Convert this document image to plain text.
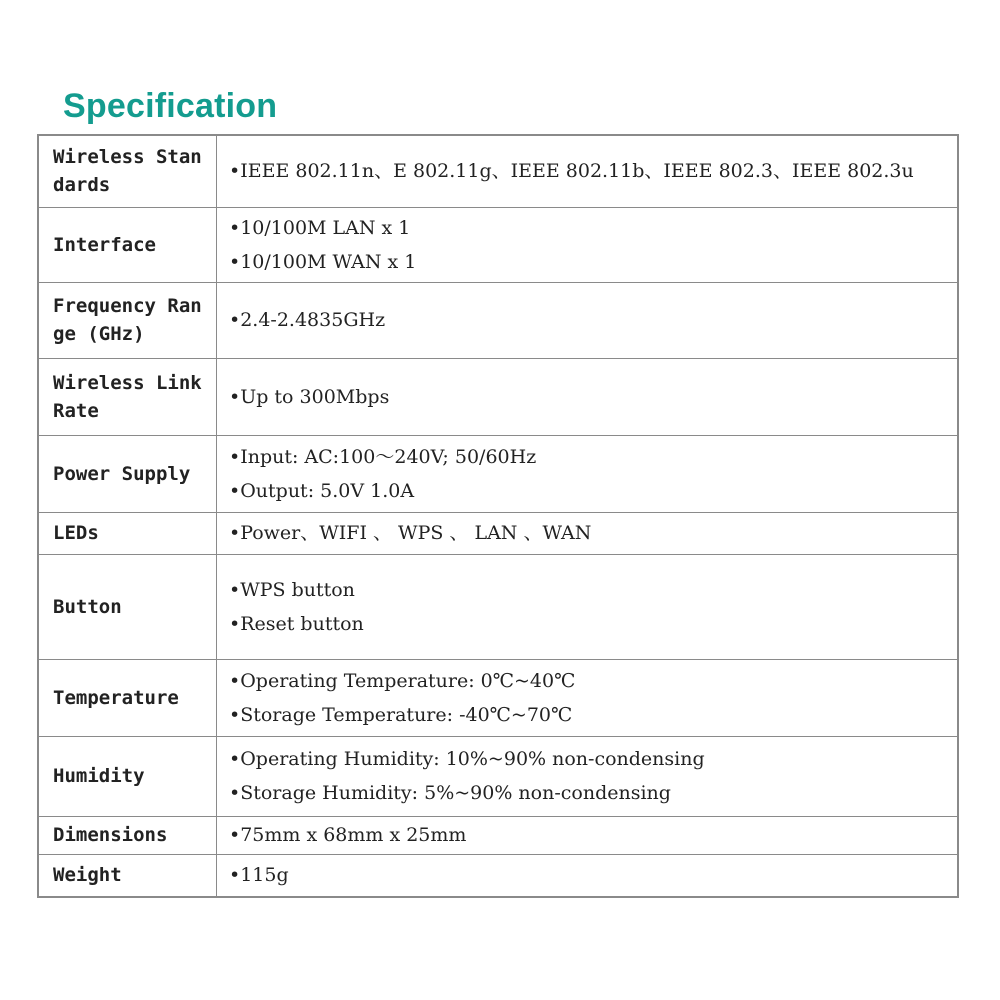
Specification
Wireless Standards	•IEEE 802.11n、E 802.11g、IEEE 802.11b、IEEE 802.3、IEEE 802.3u

Interface	•10/100M LAN x 1
•10/100M WAN x 1

Frequency Range (GHz)	•2.4-2.4835GHz

Wireless Link Rate	•Up to 300Mbps

Power Supply	•Input: AC:100～240V; 50/60Hz
•Output: 5.0V 1.0A

LEDs	•Power、WIFI 、 WPS 、 LAN 、WAN

Button	•WPS button
•Reset button

Temperature	•Operating Temperature: 0℃~40℃
•Storage Temperature: -40℃~70℃

Humidity	•Operating Humidity: 10%~90% non-condensing
•Storage Humidity: 5%~90% non-condensing

Dimensions	•75mm x 68mm x 25mm

Weight	•115g
